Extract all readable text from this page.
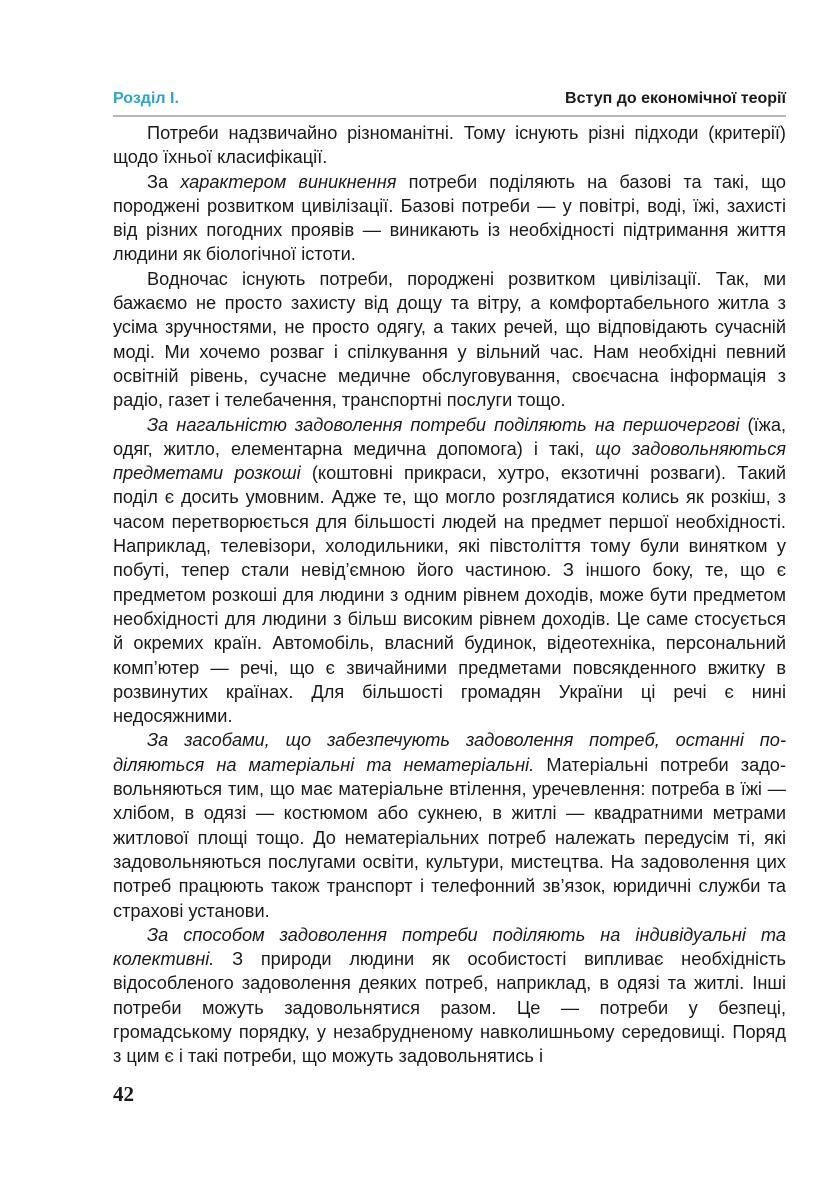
Розділ І.	Вступ до економічної теорії

Потреби надзвичайно різноманітні. Тому існують різні підходи (критерії) щодо їхньої класифікації.

За характером виникнення потреби поділяють на базові та такі, що породжені розвитком цивілізації. Базові потреби — у повітрі, воді, їжі, захисті від різних погодних проявів — виникають із необхідності підтримання життя людини як біологічної істоти.

Водночас існують потреби, породжені розвитком цивілізації. Так, ми бажаємо не просто захисту від дощу та вітру, а комфортабельного житла з усіма зручностями, не просто одягу, а таких речей, що відповідають сучасній моді. Ми хочемо розваг і спілкування у вільний час. Нам необхідні певний освітній рівень, сучасне медичне обслуговування, своєчасна інформація з радіо, газет і телебачення, транспортні послуги тощо.

За нагальністю задоволення потреби поділяють на першочергові (їжа, одяг, житло, елементарна медична допомога) і такі, що задовольняються предметами розкоші (коштовні прикраси, хутро, екзотичні розваги). Такий поділ є досить умовним. Адже те, що могло розглядатися колись як розкіш, з часом перетворюється для більшості людей на предмет першої необхідності. Наприклад, телевізори, холодильники, які півстоліття тому були винятком у побуті, тепер стали невід’ємною його частиною. З іншого боку, те, що є предметом розкоші для людини з одним рівнем доходів, може бути предметом необхідності для людини з більш високим рівнем доходів. Це саме стосується й окремих країн. Автомобіль, власний будинок, відеотехніка, персональний комп’ютер — речі, що є звичайними предметами повсякденного вжитку в розвинутих країнах. Для більшості громадян України ці речі є нині недосяжними.

За засобами, що забезпечують задоволення потреб, останні поділяються на матеріальні та нематеріальні. Матеріальні потреби задовольняються тим, що має матеріальне втілення, уречевлення: потреба в їжі — хлібом, в одязі — костюмом або сукнею, в житлі — квадратними метрами житлової площі тощо. До нематеріальних потреб належать передусім ті, які задовольняються послугами освіти, культури, мистецтва. На задоволення цих потреб працюють також транспорт і телефонний зв’язок, юридичні служби та страхові установи.

За способом задоволення потреби поділяють на індивідуальні та колективні. З природи людини як особистості випливає необхідність відособленого задоволення деяких потреб, наприклад, в одязі та житлі. Інші потреби можуть задовольнятися разом. Це — потреби у безпеці, громадському порядку, у незабрудненому навколишньому середовищі. Поряд з цим є і такі потреби, що можуть задовольнятись і

42
